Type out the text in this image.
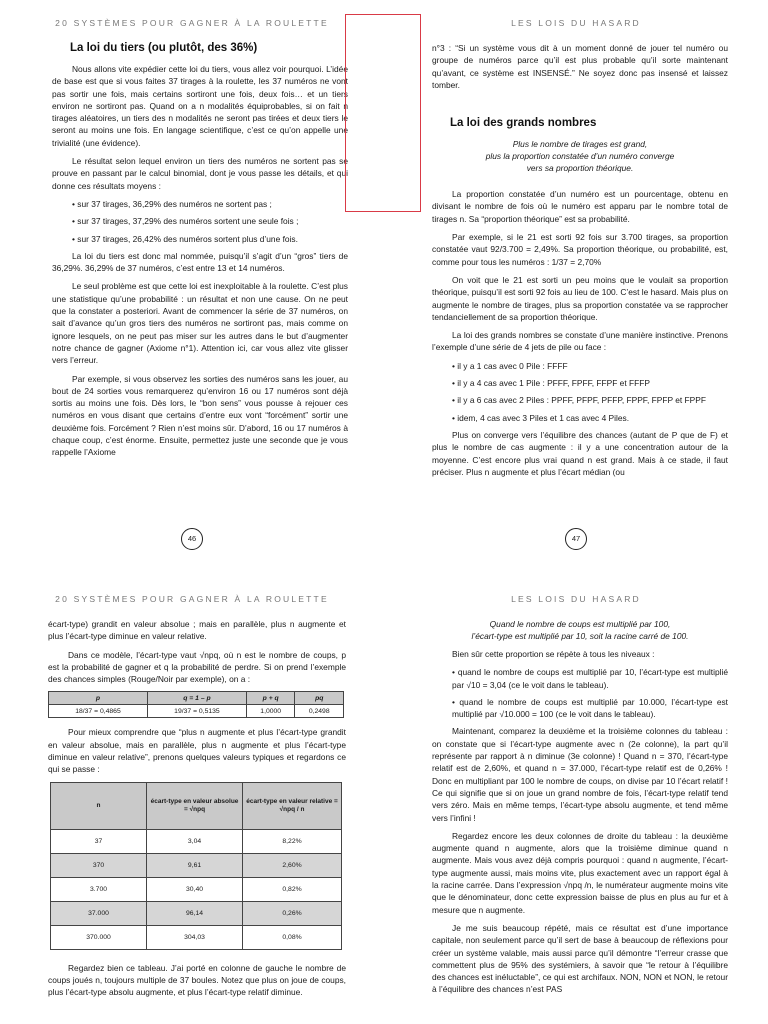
20 SYSTÈMES POUR GAGNER À LA ROULETTE
La loi du tiers (ou plutôt, des 36%)

Nous allons vite expédier cette loi du tiers, vous allez voir pourquoi. L’idée de base est que si vous faites 37 tirages à la roulette, les 37 numéros ne vont pas sortir une fois, mais certains sortiront une fois, deux fois… et un tiers environ ne sortiront pas. Quand on a n modalités équiprobables, si on fait n tirages aléatoires, un tiers des n modalités ne seront pas tirées et deux tiers le seront au moins une fois. En langage scientifique, c’est ce qu’on appelle une trivialité (une évidence).

Le résultat selon lequel environ un tiers des numéros ne sortent pas se prouve en passant par le calcul binomial, dont je vous passe les détails, et qui donne ces résultats moyens :

• sur 37 tirages, 36,29% des numéros ne sortent pas ;

• sur 37 tirages, 37,29% des numéros sortent une seule fois ;

• sur 37 tirages, 26,42% des numéros sortent plus d’une fois.

La loi du tiers est donc mal nommée, puisqu’il s’agit d’un “gros” tiers de 36,29%. 36,29% de 37 numéros, c’est entre 13 et 14 numéros.

Le seul problème est que cette loi est inexploitable à la roulette. C’est plus une statistique qu’une probabilité : un résultat et non une cause. On ne peut que la constater a posteriori. Avant de commencer la série de 37 numéros, on sait d’avance qu’un gros tiers des numéros ne sortiront pas, mais comme on ignore lesquels, on ne peut pas miser sur les autres dans le but d’augmenter notre chance de gagner (Axiome n°1). Attention ici, car vous allez vite glisser vers l’erreur.

Par exemple, si vous observez les sorties des numéros sans les jouer, au bout de 24 sorties vous remarquerez qu’environ 16 ou 17 numéros sont déjà sortis au moins une fois. Dès lors, le “bon sens” vous pousse à rejouer ces numéros en vous disant que certains d’entre eux vont “forcément” sortir une deuxième fois. Forcément ? Rien n’est moins sûr. D’abord, 16 ou 17 numéros à chaque coup, c’est énorme. Ensuite, permettez juste une seconde que je vous rappelle l’Axiome

46
LES LOIS DU HASARD

n°3 : “Si un système vous dit à un moment donné de jouer tel numéro ou groupe de numéros parce qu’il est plus probable qu’il sorte maintenant qu’avant, ce système est INSENSÉ.” Ne soyez donc pas insensé et laissez tomber.

La loi des grands nombres
Plus le nombre de tirages est grand,
plus la proportion constatée d’un numéro converge
vers sa proportion théorique.

La proportion constatée d’un numéro est un pourcentage, obtenu en divisant le nombre de fois où le numéro est apparu par le nombre total de tirages n. Sa “proportion théorique” est sa probabilité.

Par exemple, si le 21 est sorti 92 fois sur 3.700 tirages, sa proportion constatée vaut 92/3.700 = 2,49%. Sa proportion théorique, ou probabilité, est, comme pour tous les numéros : 1/37 = 2,70%

On voit que le 21 est sorti un peu moins que le voulait sa proportion théorique, puisqu’il est sorti 92 fois au lieu de 100. C’est le hasard. Mais plus on augmente le nombre de tirages, plus sa proportion constatée va se rapprocher tendanciellement de sa proportion théorique.

La loi des grands nombres se constate d’une manière instinctive. Prenons l’exemple d’une série de 4 jets de pile ou face :

• il y a 1 cas avec 0 Pile : FFFF

• il y a 4 cas avec 1 Pile : PFFF, FPFF, FFPF et FFFP

• il y a 6 cas avec 2 Piles : PPFF, PFPF, PFFP, FPPF, FPFP et FPPF

• idem, 4 cas avec 3 Piles et 1 cas avec 4 Piles.

Plus on converge vers l’équilibre des chances (autant de P que de F) et plus le nombre de cas augmente : il y a une concentration autour de la moyenne. C’est encore plus vrai quand n est grand. Mais à ce stade, il faut préciser. Plus n augmente et plus l’écart médian (ou

47
20 SYSTÈMES POUR GAGNER À LA ROULETTE

écart-type) grandit en valeur absolue ; mais en parallèle, plus n augmente et plus l’écart-type diminue en valeur relative.

Dans ce modèle, l’écart-type vaut √npq, où n est le nombre de coups, p est la probabilité de gagner et q la probabilité de perdre. Si on prend l’exemple des chances simples (Rouge/Noir par exemple), on a :

p	q = 1 – p	p + q	pq
18/37 = 0,4865	19/37 = 0,5135	1,0000	0,2498

Pour mieux comprendre que “plus n augmente et plus l’écart-type grandit en valeur absolue, mais en parallèle, plus n augmente et plus l’écart-type diminue en valeur relative”, prenons quelques valeurs typiques et regardons ce qui se passe :

n	écart-type en valeur absolue = √npq	écart-type en valeur relative = √npq / n
37	3,04	8,22%
370	9,61	2,60%
3.700	30,40	0,82%
37.000	96,14	0,26%
370.000	304,03	0,08%

Regardez bien ce tableau. J’ai porté en colonne de gauche le nombre de coups joués n, toujours multiple de 37 boules. Notez que plus on joue de coups, plus l’écart-type absolu augmente, et plus l’écart-type relatif diminue.

LES LOIS DU HASARD
Quand le nombre de coups est multiplié par 100,
l’écart-type est multiplié par 10, soit la racine carré de 100.

Bien sûr cette proportion se répète à tous les niveaux :

• quand le nombre de coups est multiplié par 10, l’écart-type est multiplié par √10 = 3,04 (ce le voit dans le tableau).

• quand le nombre de coups est multiplié par 10.000, l’écart-type est multiplié par √10.000 = 100 (ce le voit dans le tableau).

Maintenant, comparez la deuxième et la troisième colonnes du tableau : on constate que si l’écart-type augmente avec n (2e colonne), la part qu’il représente par rapport à n diminue (3e colonne) ! Quand n = 370, l’écart-type relatif est de 2,60%, et quand n = 37.000, l’écart-type relatif est de 0,26% ! Donc en multipliant par 100 le nombre de coups, on divise par 10 l’écart relatif ! Ce qui signifie que si on joue un grand nombre de fois, l’écart-type relatif tend vers zéro. Mais en même temps, l’écart-type absolu augmente, et tend même vers l’infini !

Regardez encore les deux colonnes de droite du tableau : la deuxième augmente quand n augmente, alors que la troisième diminue quand n augmente. Mais vous avez déjà compris pourquoi : quand n augmente, l’écart-type augmente aussi, mais moins vite, plus exactement avec un rapport égal à la racine carrée. Dans l’expression √npq /n, le numérateur augmente moins vite que le dénominateur, donc cette expression baisse de plus en plus au fur et à mesure que n augmente.

Je me suis beaucoup répété, mais ce résultat est d’une importance capitale, non seulement parce qu’il sert de base à beaucoup de réflexions pour créer un système valable, mais aussi parce qu’il démontre “l’erreur crasse que commettent plus de 95% des systémiers, à savoir que “le retour à l’équilibre des chances est inéluctable”, ce qui est archifaux. NON, NON et NON, le retour à l’équilibre des chances n’est PAS
